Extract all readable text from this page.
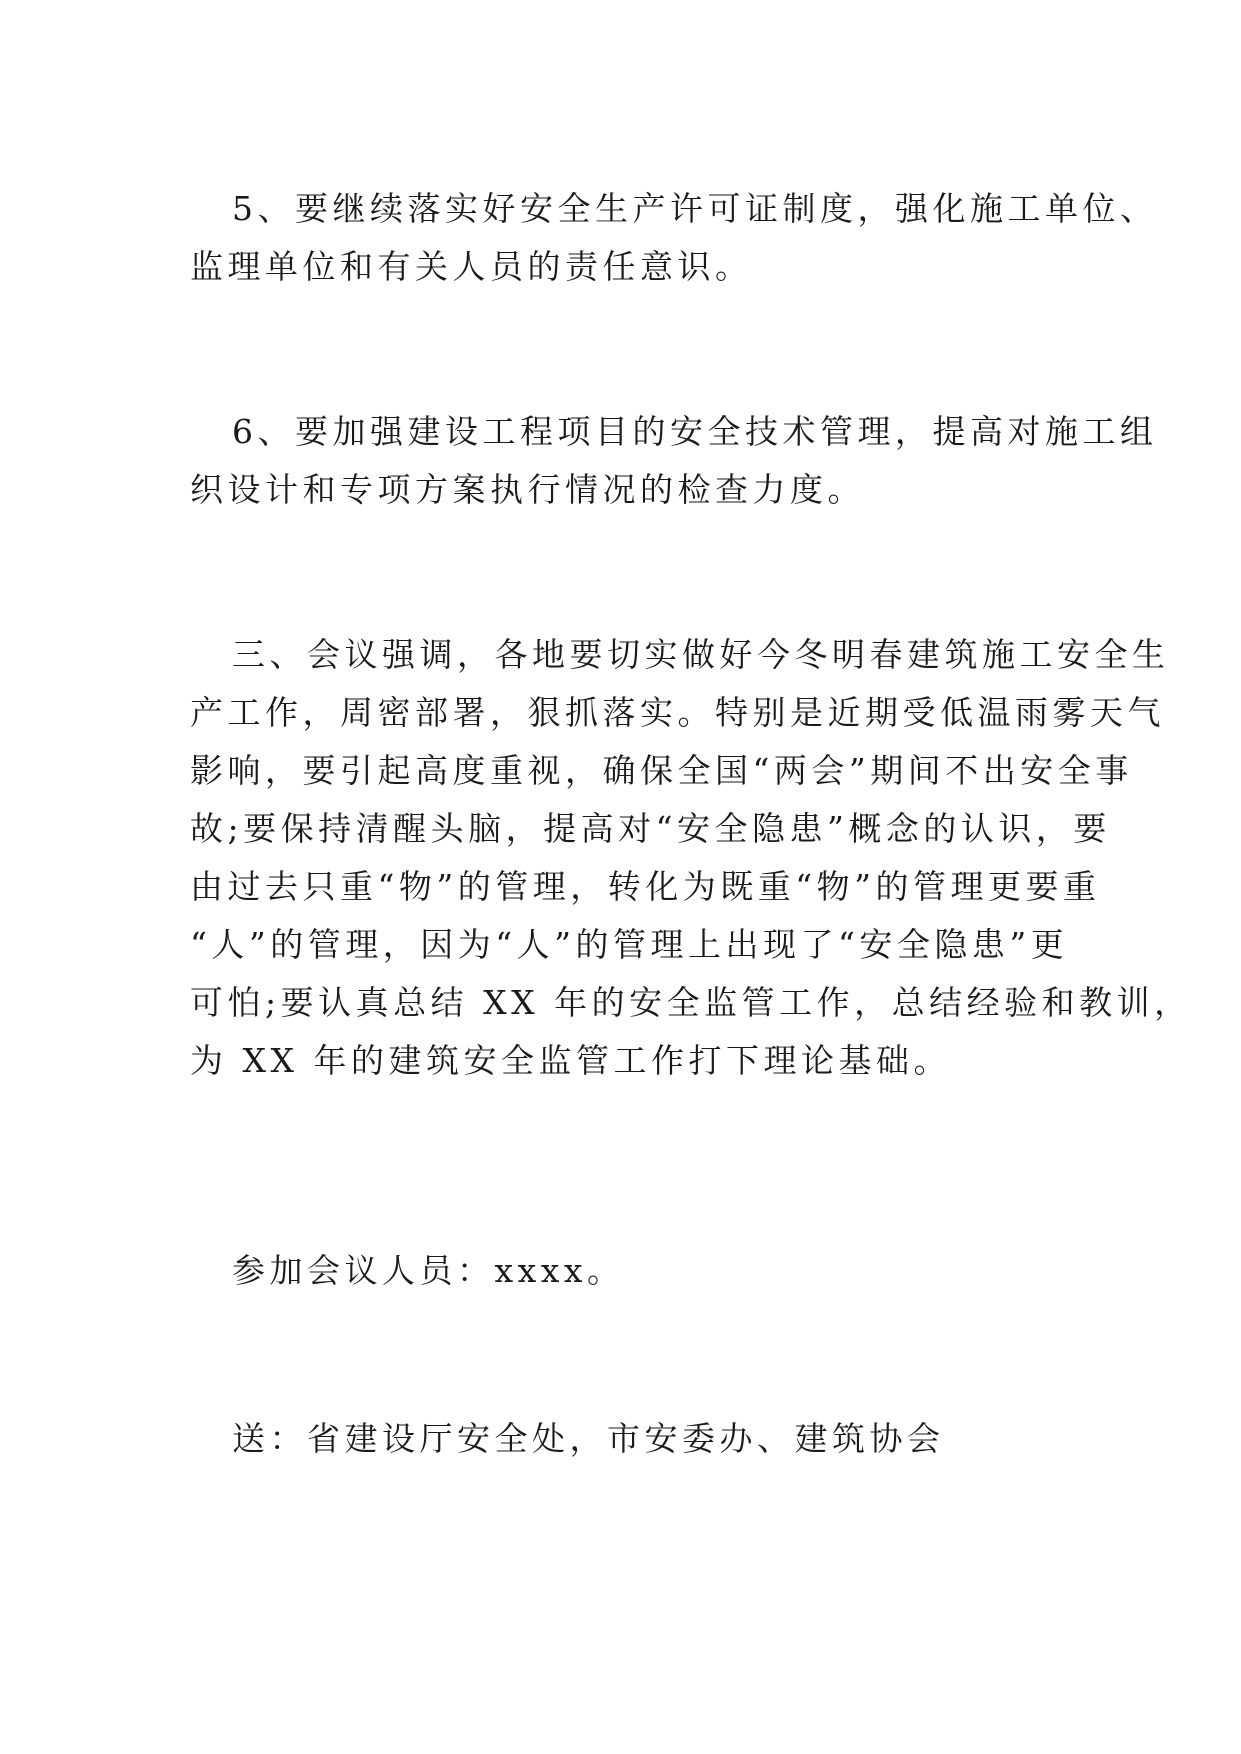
5、要继续落实好安全生产许可证制度，强化施工单位、
监理单位和有关人员的责任意识。
6、要加强建设工程项目的安全技术管理，提高对施工组
织设计和专项方案执行情况的检查力度。
三、会议强调，各地要切实做好今冬明春建筑施工安全生
产工作，周密部署，狠抓落实。特别是近期受低温雨雾天气
影响，要引起高度重视，确保全国“两会”期间不出安全事
故;要保持清醒头脑，提高对“安全隐患”概念的认识，要
由过去只重“物”的管理，转化为既重“物”的管理更要重
“人”的管理，因为“人”的管理上出现了“安全隐患”更
可怕;要认真总结 XX 年的安全监管工作，总结经验和教训，
为 XX 年的建筑安全监管工作打下理论基础。
参加会议人员：xxxx。
送：省建设厅安全处，市安委办、建筑协会
